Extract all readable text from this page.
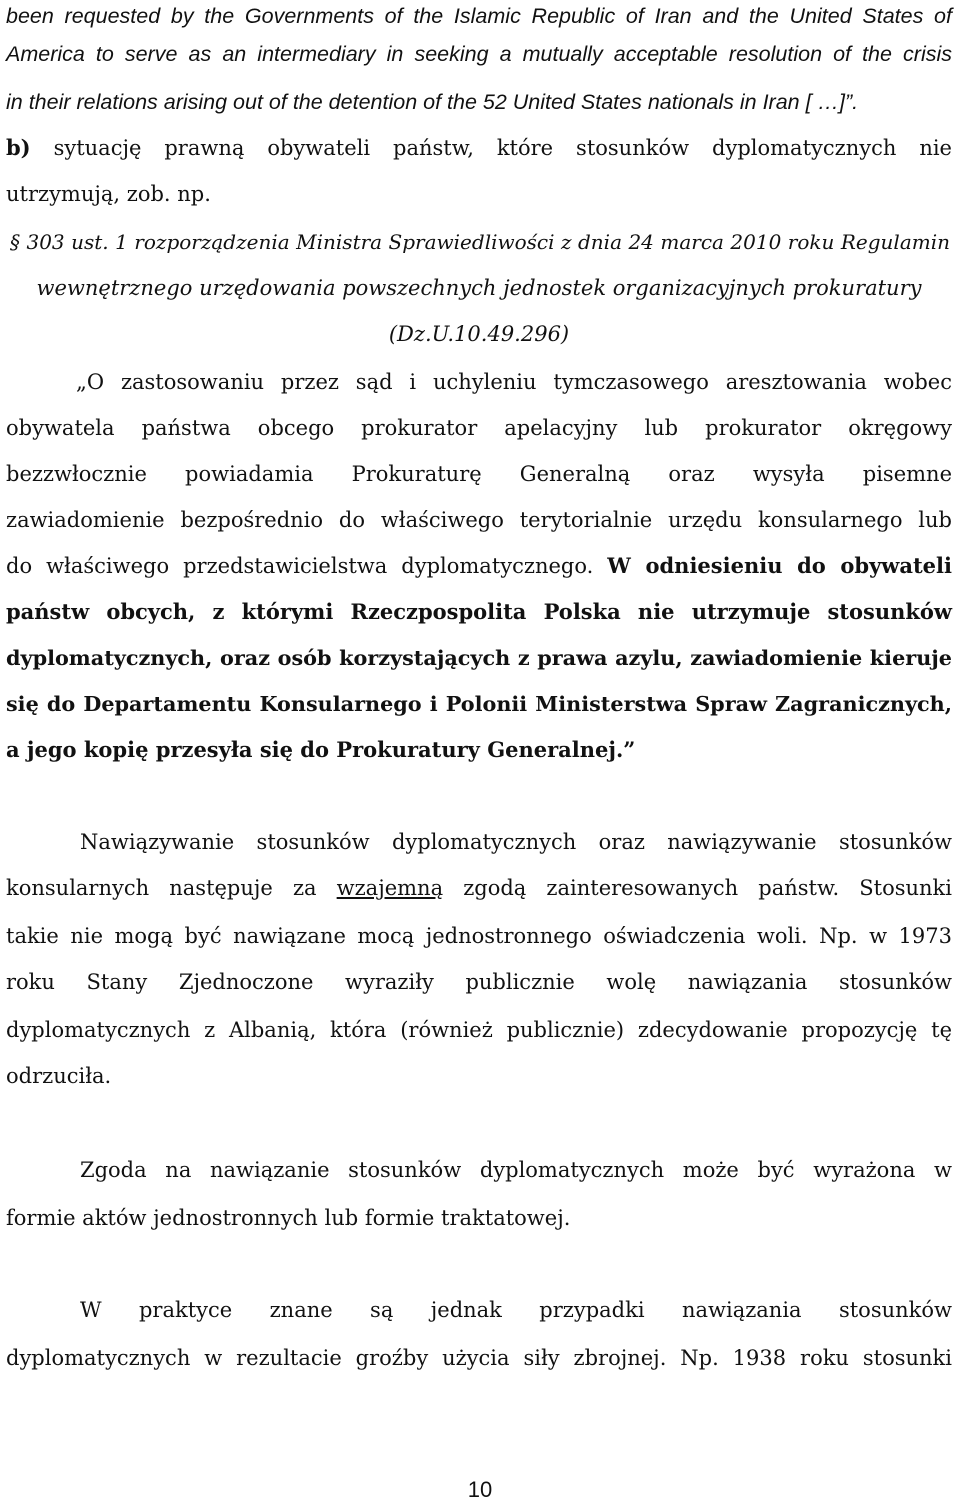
been requested by the Governments of the Islamic Republic of Iran and the United States of
America to serve as an intermediary in seeking a mutually acceptable resolution of the crisis
in their relations arising out of the detention of the 52 United States nationals in Iran [ …]”.
b) sytuację prawną obywateli państw, które stosunków dyplomatycznych nie
utrzymują, zob. np.
§ 303 ust. 1 rozporządzenia Ministra Sprawiedliwości z dnia 24 marca 2010 roku Regulamin
wewnętrznego urzędowania powszechnych jednostek organizacyjnych prokuratury
(Dz.U.10.49.296)
„O zastosowaniu przez sąd i uchyleniu tymczasowego aresztowania wobec
obywatela państwa obcego prokurator apelacyjny lub prokurator okręgowy
bezzwłocznie powiadamia Prokuraturę Generalną oraz wysyła pisemne
zawiadomienie bezpośrednio do właściwego terytorialnie urzędu konsularnego lub
do właściwego przedstawicielstwa dyplomatycznego. W odniesieniu do obywateli
państw obcych, z którymi Rzeczpospolita Polska nie utrzymuje stosunków
dyplomatycznych, oraz osób korzystających z prawa azylu, zawiadomienie kieruje
się do Departamentu Konsularnego i Polonii Ministerstwa Spraw Zagranicznych,
a jego kopię przesyła się do Prokuratury Generalnej.”
Nawiązywanie stosunków dyplomatycznych oraz nawiązywanie stosunków
konsularnych następuje za wzajemną zgodą zainteresowanych państw. Stosunki
takie nie mogą być nawiązane mocą jednostronnego oświadczenia woli. Np. w 1973
roku Stany Zjednoczone wyraziły publicznie wolę nawiązania stosunków
dyplomatycznych z Albanią, która (również publicznie) zdecydowanie propozycję tę
odrzuciła.
Zgoda na nawiązanie stosunków dyplomatycznych może być wyrażona w
formie aktów jednostronnych lub formie traktatowej.
W praktyce znane są jednak przypadki nawiązania stosunków
dyplomatycznych w rezultacie groźby użycia siły zbrojnej. Np. 1938 roku stosunki
10
